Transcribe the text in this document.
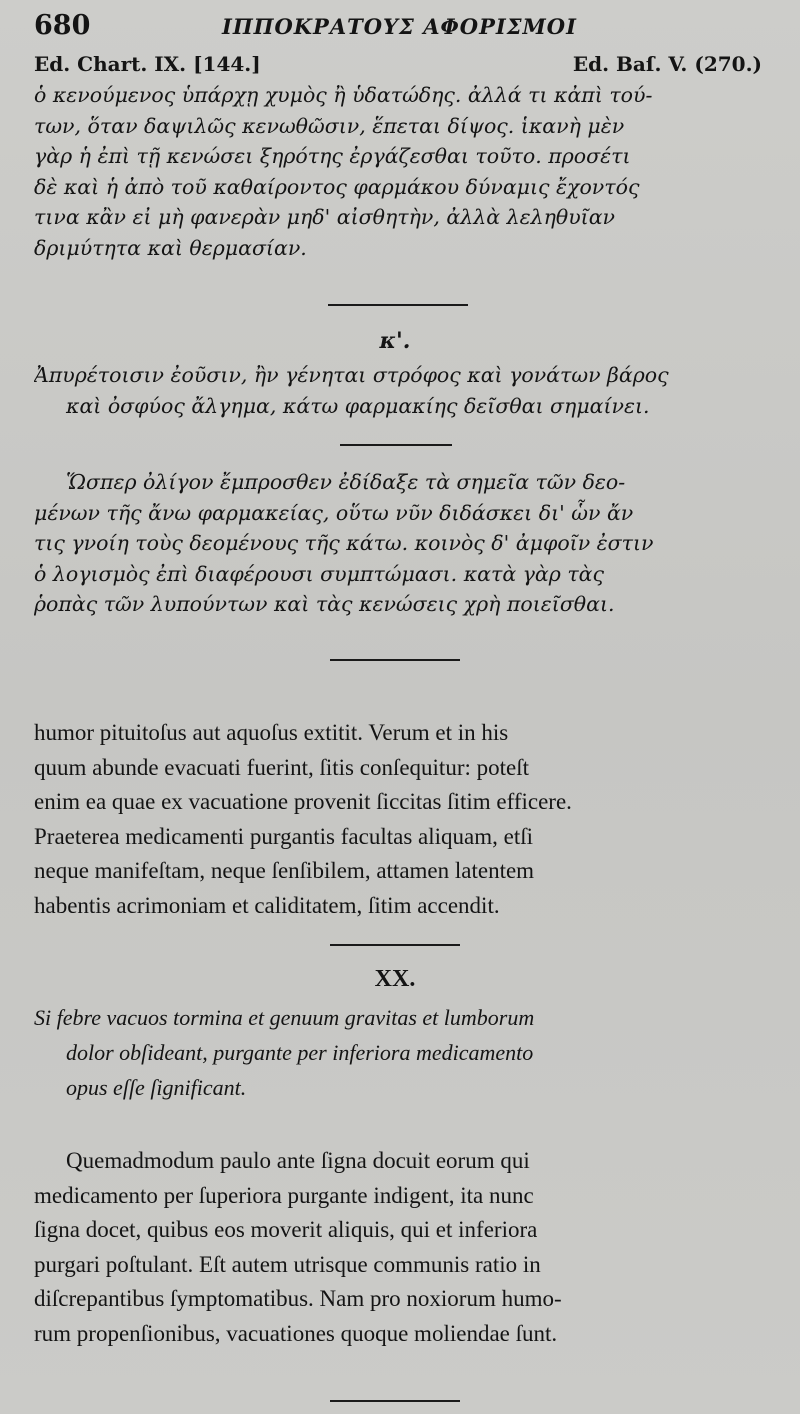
680	ΙΠΠΟΚΡΑΤΟΥΣ ΑΦΟΡΙΣΜΟΙ
Ed. Chart. IX. [144.]	Ed. Baſ. V. (270.)
ὁ κενούμενος ὑπάρχῃ χυμὸς ἢ ὑδατώδης. ἀλλά τι κἀπὶ τού-
των, ὅταν δαψιλῶς κενωθῶσιν, ἕπεται δίψος. ἱκανὴ μὲν
γὰρ ἡ ἐπὶ τῇ κενώσει ξηρότης ἐργάζεσθαι τοῦτο. προσέτι
δὲ καὶ ἡ ἀπὸ τοῦ καθαίροντος φαρμάκου δύναμις ἔχοντός
τινα κἂν εἰ μὴ φανερὰν μηδ' αἰσθητὴν, ἀλλὰ λεληθυῖαν
δριμύτητα καὶ θερμασίαν.
κ'.
Ἀπυρέτοισιν ἐοῦσιν, ἢν γένηται στρόφος καὶ γονάτων βάρος
καὶ ὀσφύος ἄλγημα, κάτω φαρμακίης δεῖσθαι σημαίνει.
Ὥσπερ ὀλίγον ἔμπροσθεν ἐδίδαξε τὰ σημεῖα τῶν δεο-
μένων τῆς ἄνω φαρμακείας, οὕτω νῦν διδάσκει δι' ὧν ἄν
τις γνοίη τοὺς δεομένους τῆς κάτω. κοινὸς δ' ἀμφοῖν ἐστιν
ὁ λογισμὸς ἐπὶ διαφέρουσι συμπτώμασι. κατὰ γὰρ τὰς
ῥοπὰς τῶν λυπούντων καὶ τὰς κενώσεις χρὴ ποιεῖσθαι.
humor pituitoſus aut aquoſus extitit. Verum et in his
quum abunde evacuati fuerint, ſitis conſequitur: poteſt
enim ea quae ex vacuatione provenit ſiccitas ſitim efficere.
Praeterea medicamenti purgantis facultas aliquam, etſi
neque manifeſtam, neque ſenſibilem, attamen latentem
habentis acrimoniam et caliditatem, ſitim accendit.
XX.
Si febre vacuos tormina et genuum gravitas et lumborum
dolor obſideant, purgante per inferiora medicamento
opus eſſe ſignificant.
Quemadmodum paulo ante ſigna docuit eorum qui
medicamento per ſuperiora purgante indigent, ita nunc
ſigna docet, quibus eos moverit aliquis, qui et inferiora
purgari poſtulant. Eſt autem utrisque communis ratio in
diſcrepantibus ſymptomatibus. Nam pro noxiorum humo-
rum propenſionibus, vacuationes quoque moliendae ſunt.
